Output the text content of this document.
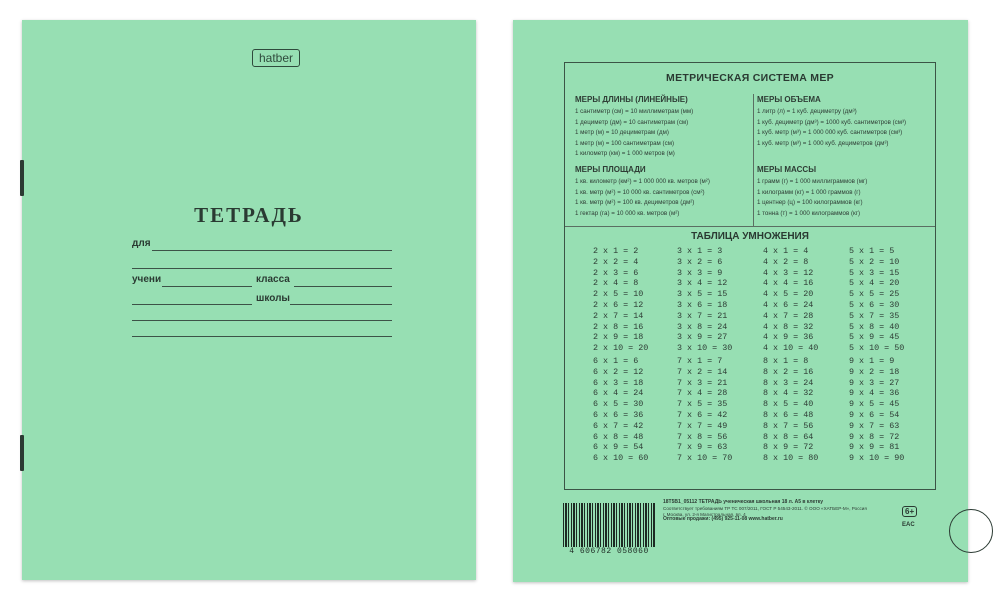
hatber
ТЕТРАДЬ
для
учени	класса
школы
МЕТРИЧЕСКАЯ СИСТЕМА МЕР
МЕРЫ ДЛИНЫ (ЛИНЕЙНЫЕ)
1 сантиметр (см) = 10 миллиметрам (мм)
1 дециметр (дм) = 10 сантиметрам (см)
1 метр (м) = 10 дециметрам (дм)
1 метр (м) = 100 сантиметрам (см)
1 километр (км) = 1 000 метров (м)
МЕРЫ ОБЪЕМА
1 литр (л) = 1 куб. дециметру (дм³)
1 куб. дециметр (дм³) = 1000 куб. сантиметров (см³)
1 куб. метр (м³) = 1 000 000 куб. сантиметров (см³)
1 куб. метр (м³) = 1 000 куб. дециметров (дм³)
МЕРЫ ПЛОЩАДИ
1 кв. километр (км²) = 1 000 000 кв. метров (м²)
1 кв. метр (м²) = 10 000 кв. сантиметров (см²)
1 кв. метр (м²) = 100 кв. дециметров (дм²)
1 гектар (га) = 10 000 кв. метров (м²)
МЕРЫ МАССЫ
1 грамм (г) = 1 000 миллиграммов (мг)
1 килограмм (кг) = 1 000 граммов (г)
1 центнер (ц) = 100 килограммов (кг)
1 тонна (т) = 1 000 килограммов (кг)
ТАБЛИЦА УМНОЖЕНИЯ
2 x 1 = 2
2 x 2 = 4
2 x 3 = 6
2 x 4 = 8
2 x 5 = 10
2 x 6 = 12
2 x 7 = 14
2 x 8 = 16
2 x 9 = 18
2 x 10 = 20
3 x 1 = 3
3 x 2 = 6
3 x 3 = 9
3 x 4 = 12
3 x 5 = 15
3 x 6 = 18
3 x 7 = 21
3 x 8 = 24
3 x 9 = 27
3 x 10 = 30
4 x 1 = 4
4 x 2 = 8
4 x 3 = 12
4 x 4 = 16
4 x 5 = 20
4 x 6 = 24
4 x 7 = 28
4 x 8 = 32
4 x 9 = 36
4 x 10 = 40
5 x 1 = 5
5 x 2 = 10
5 x 3 = 15
5 x 4 = 20
5 x 5 = 25
5 x 6 = 30
5 x 7 = 35
5 x 8 = 40
5 x 9 = 45
5 x 10 = 50
6 x 1 = 6
6 x 2 = 12
6 x 3 = 18
6 x 4 = 24
6 x 5 = 30
6 x 6 = 36
6 x 7 = 42
6 x 8 = 48
6 x 9 = 54
6 x 10 = 60
7 x 1 = 7
7 x 2 = 14
7 x 3 = 21
7 x 4 = 28
7 x 5 = 35
7 x 6 = 42
7 x 7 = 49
7 x 8 = 56
7 x 9 = 63
7 x 10 = 70
8 x 1 = 8
8 x 2 = 16
8 x 3 = 24
8 x 4 = 32
8 x 5 = 40
8 x 6 = 48
8 x 7 = 56
8 x 8 = 64
8 x 9 = 72
8 x 10 = 80
9 x 1 = 9
9 x 2 = 18
9 x 3 = 27
9 x 4 = 36
9 x 5 = 45
9 x 6 = 54
9 x 7 = 63
9 x 8 = 72
9 x 9 = 81
9 x 10 = 90
4 606782 058060
18Т5В1_05112 ТЕТРАДЬ ученическая школьная 18 л. А5 в клетку
Соответствует требованиям ТР ТС 007/2011, ГОСТ Р 54543-2011. © ООО «ХАТБЕР-М», Россия
г. Москва, ул. 2-я Магистральная, вл. 4
Оптовые продажи: (495) 925-11-08 www.hatber.ru
6+
EAC
